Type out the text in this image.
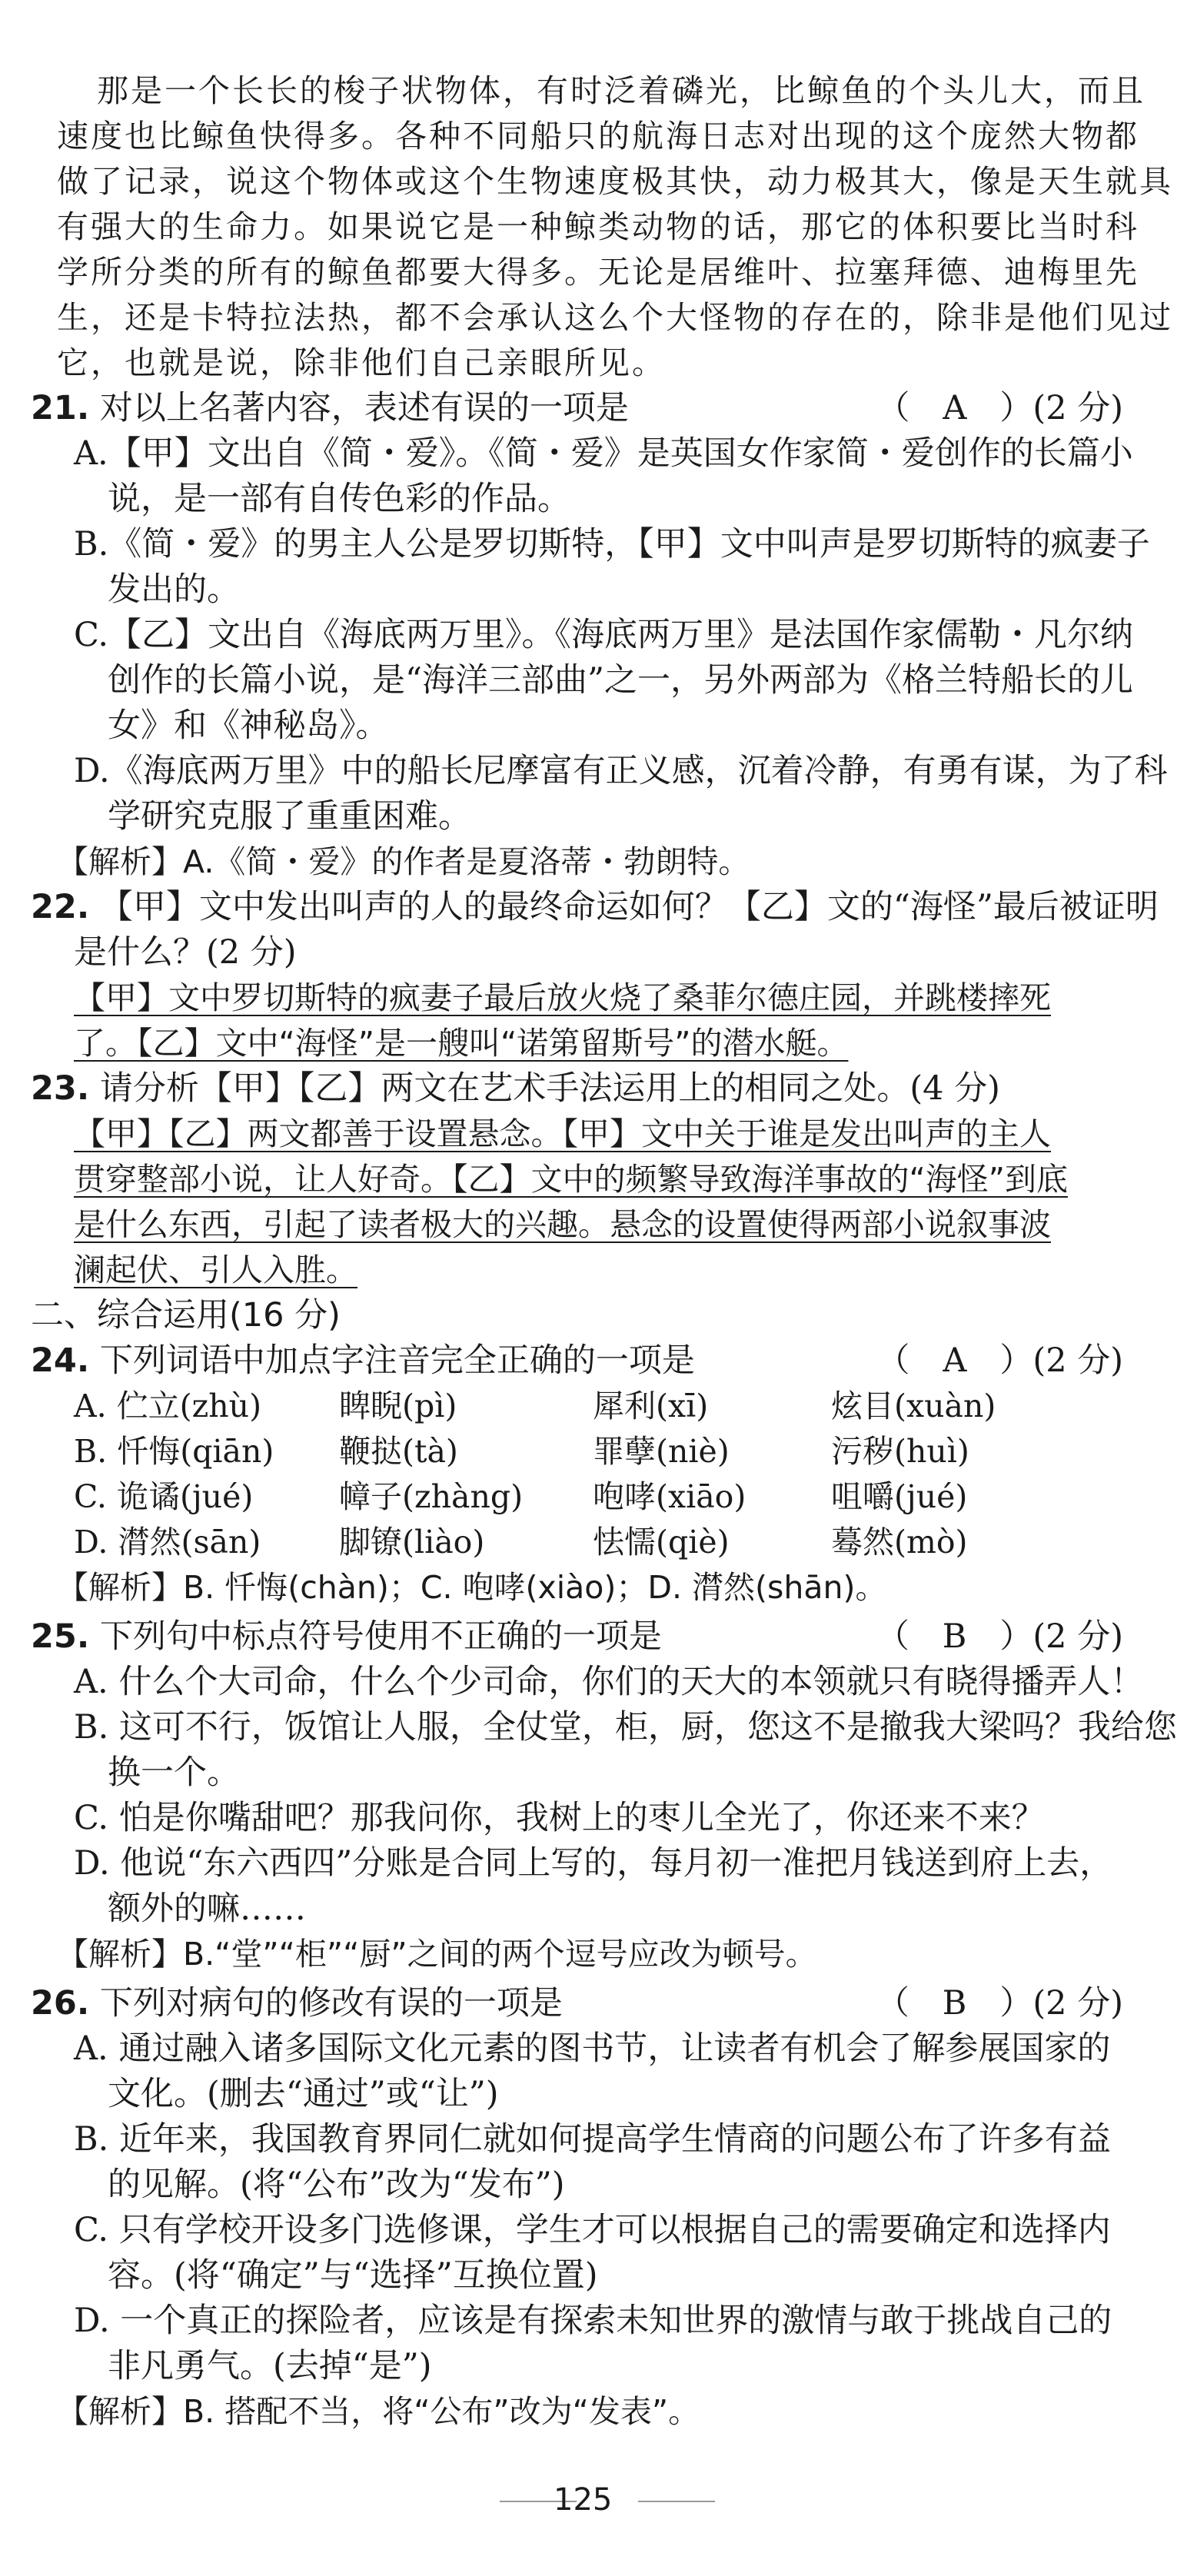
那是一个长长的梭子状物体，有时泛着磷光，比鲸鱼的个头儿大，而且
速度也比鲸鱼快得多。各种不同船只的航海日志对出现的这个庞然大物都
做了记录，说这个物体或这个生物速度极其快，动力极其大，像是天生就具
有强大的生命力。如果说它是一种鲸类动物的话，那它的体积要比当时科
学所分类的所有的鲸鱼都要大得多。无论是居维叶、拉塞拜德、迪梅里先
生，还是卡特拉法热，都不会承认这么个大怪物的存在的，除非是他们见过
它，也就是说，除非他们自己亲眼所见。
21. 对以上名著内容，表述有误的一项是	（　A　）(2 分)
A.【甲】文出自《简・爱》。《简・爱》是英国女作家简・爱创作的长篇小
说，是一部有自传色彩的作品。
B.《简・爱》的男主人公是罗切斯特，【甲】文中叫声是罗切斯特的疯妻子
发出的。
C.【乙】文出自《海底两万里》。《海底两万里》是法国作家儒勒・凡尔纳
创作的长篇小说，是“海洋三部曲”之一，另外两部为《格兰特船长的儿
女》和《神秘岛》。
D.《海底两万里》中的船长尼摩富有正义感，沉着冷静，有勇有谋，为了科
学研究克服了重重困难。
【解析】A.《简・爱》的作者是夏洛蒂・勃朗特。
22. 【甲】文中发出叫声的人的最终命运如何？【乙】文的“海怪”最后被证明
是什么？(2 分)
【甲】文中罗切斯特的疯妻子最后放火烧了桑菲尔德庄园，并跳楼摔死
了。【乙】文中“海怪”是一艘叫“诺第留斯号”的潜水艇。
23. 请分析【甲】【乙】两文在艺术手法运用上的相同之处。(4 分)
【甲】【乙】两文都善于设置悬念。【甲】文中关于谁是发出叫声的主人
贯穿整部小说，让人好奇。【乙】文中的频繁导致海洋事故的“海怪”到底
是什么东西，引起了读者极大的兴趣。悬念的设置使得两部小说叙事波
澜起伏、引人入胜。
二、综合运用(16 分)
24. 下列词语中加点字注音完全正确的一项是	（　A　）(2 分)
A. 伫立(zhù) 睥睨(pì)	犀利(xī)	炫目(xuàn)
B. 忏悔(qiān) 鞭挞(tà)	罪孽(niè)	污秽(huì)
C. 诡谲(jué)	幛子(zhàng) 咆哮(xiāo)	咀嚼(jué)
D. 潸然(sān) 脚镣(liào)	怯懦(qiè)	蓦然(mò)
【解析】B. 忏悔(chàn)；C. 咆哮(xiào)；D. 潸然(shān)。
25. 下列句中标点符号使用不正确的一项是	（　B　）(2 分)
A. 什么个大司命，什么个少司命，你们的天大的本领就只有晓得播弄人！
B. 这可不行，饭馆让人服，全仗堂，柜，厨，您这不是撤我大梁吗？我给您
换一个。
C. 怕是你嘴甜吧？那我问你，我树上的枣儿全光了，你还来不来？
D. 他说“东六西四”分账是合同上写的，每月初一准把月钱送到府上去，
额外的嘛……
【解析】B.“堂”“柜”“厨”之间的两个逗号应改为顿号。
26. 下列对病句的修改有误的一项是	（　B　）(2 分)
A. 通过融入诸多国际文化元素的图书节，让读者有机会了解参展国家的
文化。(删去“通过”或“让”)
B. 近年来，我国教育界同仁就如何提高学生情商的问题公布了许多有益
的见解。(将“公布”改为“发布”)
C. 只有学校开设多门选修课，学生才可以根据自己的需要确定和选择内
容。(将“确定”与“选择”互换位置)
D. 一个真正的探险者，应该是有探索未知世界的激情与敢于挑战自己的
非凡勇气。(去掉“是”)
【解析】B. 搭配不当，将“公布”改为“发表”。
125
